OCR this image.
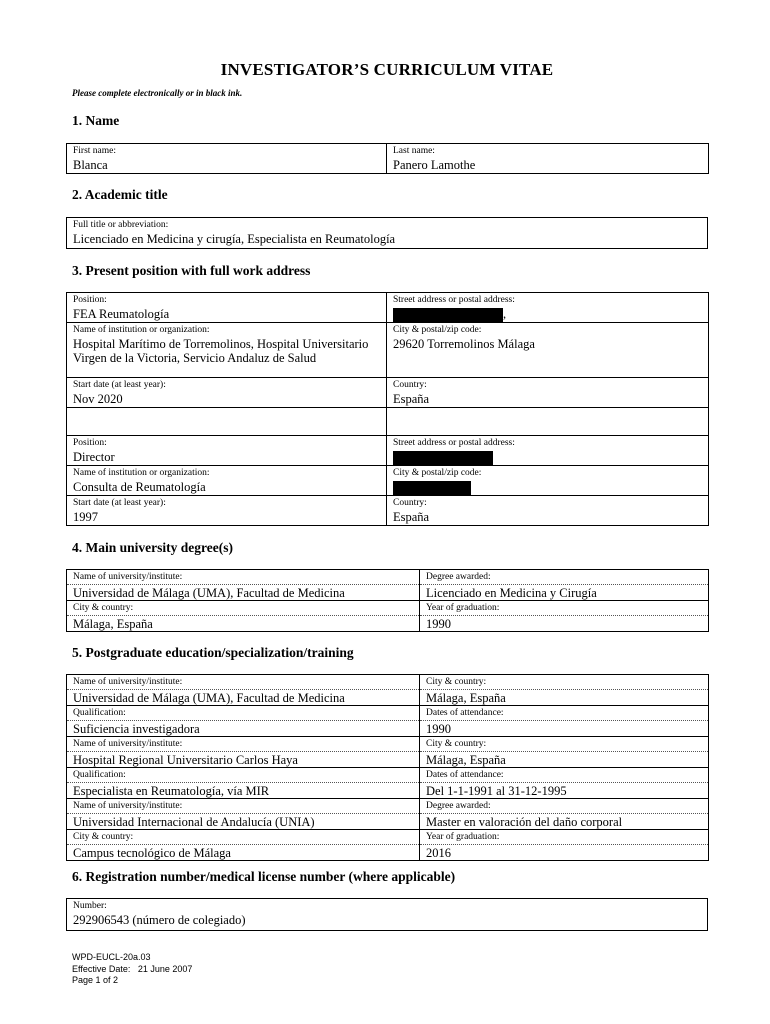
INVESTIGATOR’S CURRICULUM VITAE
Please complete electronically or in black ink.
1. Name
First name:
Blanca

Last name:
Panero Lamothe
2. Academic title
Full title or abbreviation:
Licenciado en Medicina y cirugía, Especialista en Reumatología
3. Present position with full work address
Position:
FEA Reumatología	Street address or postal address:
,

Name of institution or organization:
Hospital Marítimo de Torremolinos, Hospital Universitario Virgen de la Victoria, Servicio Andaluz de Salud	City & postal/zip code:
29620 Torremolinos Málaga

Start date (at least year):
Nov 2020	Country:
España

Position:
Director	Street address or postal address:

Name of institution or organization:
Consulta de Reumatología	City & postal/zip code:

Start date (at least year):
1997	Country:
España
4. Main university degree(s)
Name of university/institute:
Universidad de Málaga (UMA), Facultad de Medicina	Degree awarded:
Licenciado en Medicina y Cirugía

City & country:
Málaga, España	Year of graduation:
1990
5. Postgraduate education/specialization/training
Name of university/institute:
Universidad de Málaga (UMA), Facultad de Medicina	City & country:
Málaga, España

Qualification:
Suficiencia investigadora	Dates of attendance:
1990

Name of university/institute:
Hospital Regional Universitario Carlos Haya	City & country:
Málaga, España

Qualification:
Especialista en Reumatología, vía MIR	Dates of attendance:
Del 1-1-1991 al 31-12-1995

Name of university/institute:
Universidad Internacional de Andalucía (UNIA)	Degree awarded:
Master en valoración del daño corporal

City & country:
Campus tecnológico de Málaga	Year of graduation:
2016
6. Registration number/medical license number (where applicable)
Number:
292906543 (número de colegiado)
WPD-EUCL-20a.03
Effective Date:   21 June 2007
Page 1 of 2
